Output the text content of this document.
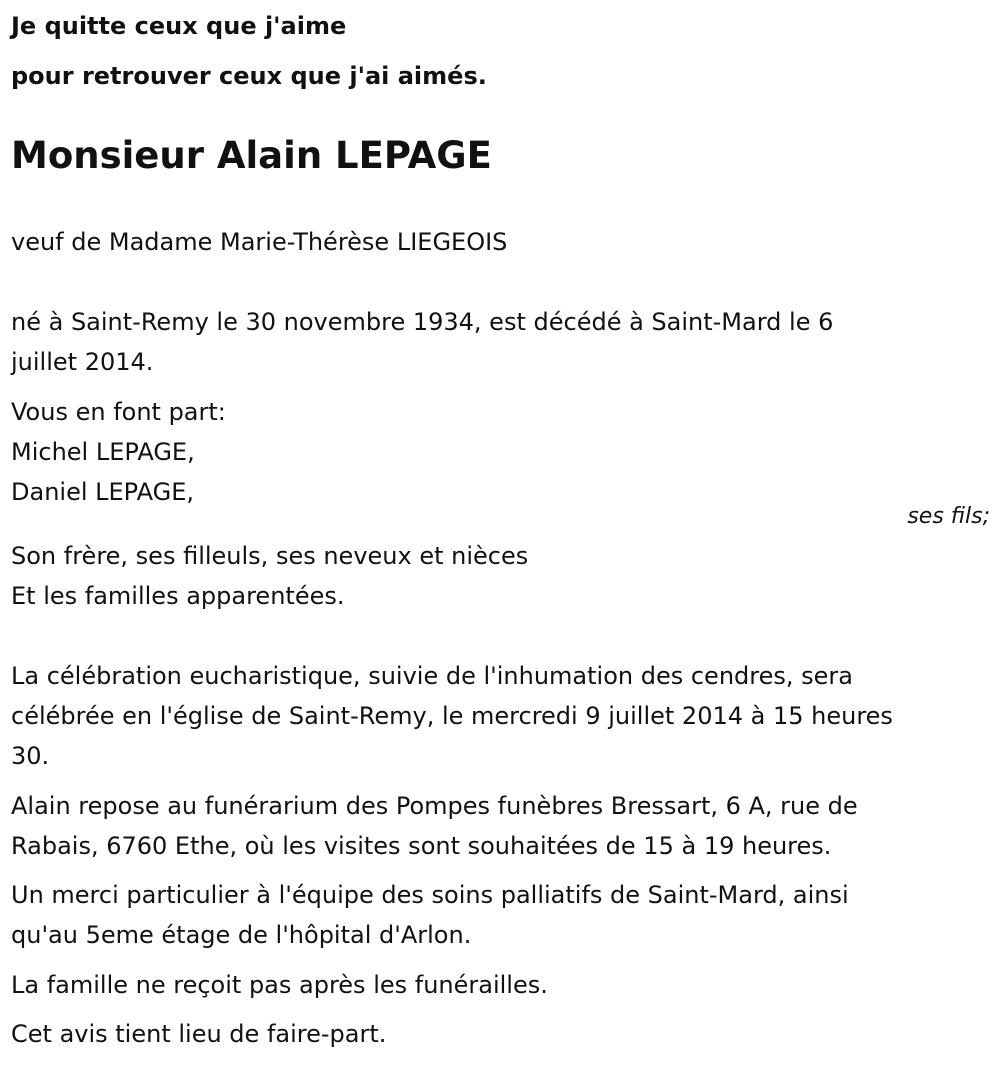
Je quitte ceux que j'aime

pour retrouver ceux que j'ai aimés.

Monsieur Alain LEPAGE

veuf de Madame Marie-Thérèse LIEGEOIS

né à Saint-Remy le 30 novembre 1934, est décédé à Saint-Mard le 6
juillet 2014.

Vous en font part:
Michel LEPAGE,
Daniel LEPAGE,

ses fils;

Son frère, ses filleuls, ses neveux et nièces
Et les familles apparentées.

La célébration eucharistique, suivie de l'inhumation des cendres, sera
célébrée en l'église de Saint-Remy, le mercredi 9 juillet 2014 à 15 heures
30.

Alain repose au funérarium des Pompes funèbres Bressart, 6 A, rue de
Rabais, 6760 Ethe, où les visites sont souhaitées de 15 à 19 heures.

Un merci particulier à l'équipe des soins palliatifs de Saint-Mard, ainsi
qu'au 5eme étage de l'hôpital d'Arlon.

La famille ne reçoit pas après les funérailles.

Cet avis tient lieu de faire-part.
